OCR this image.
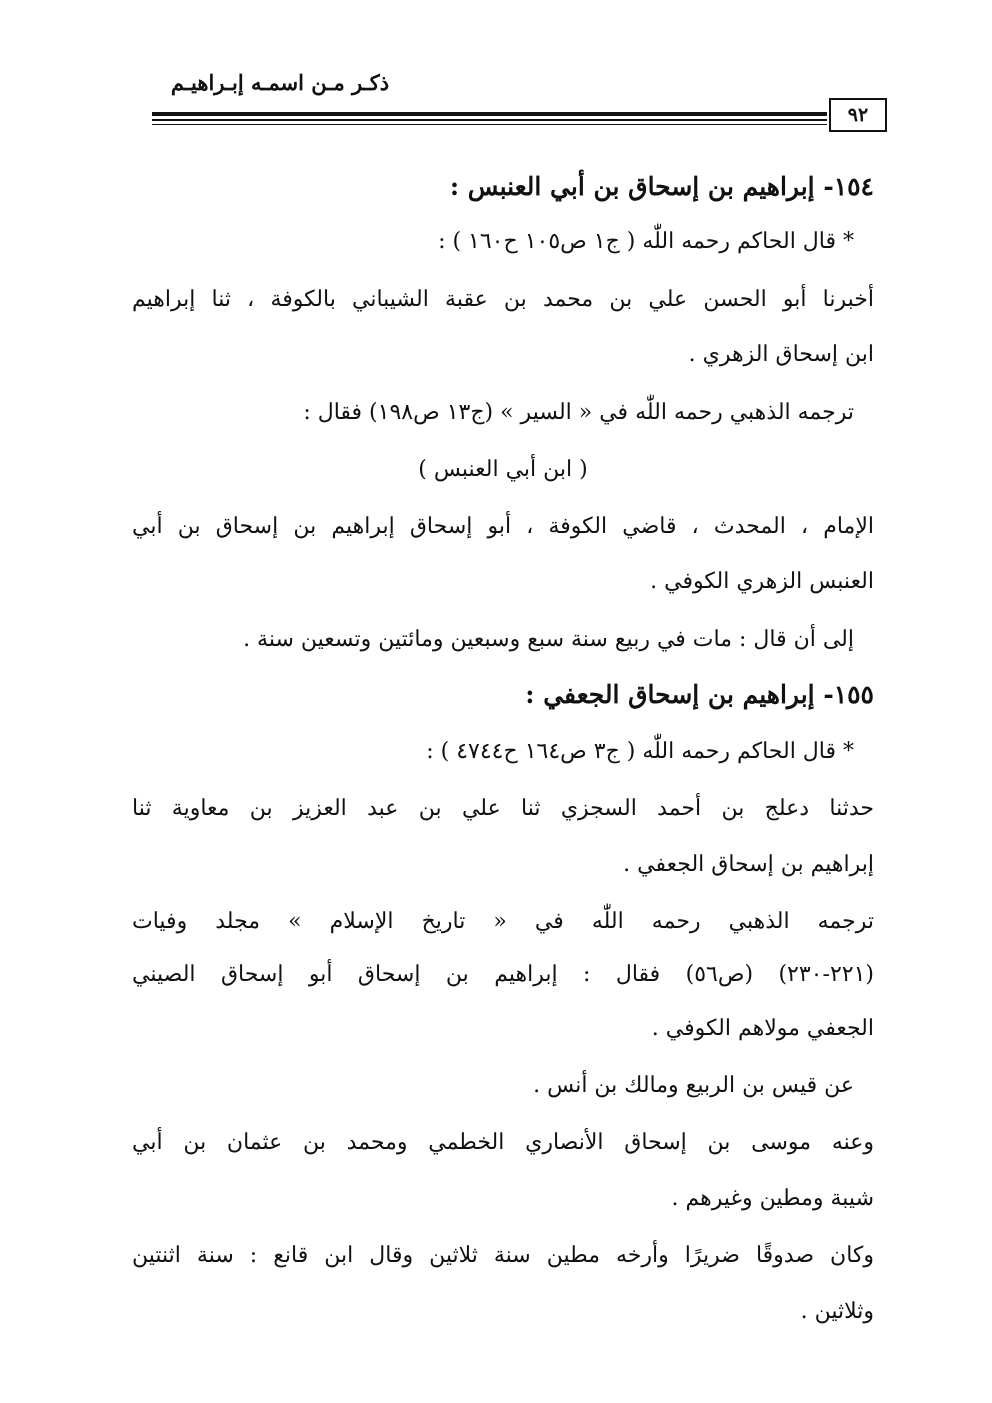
ذكـر مـن اسمـه إبـراهيـم
٩٢
١٥٤- إبراهيم بن إسحاق بن أبي العنبس :
* قال الحاكم رحمه اللّٰه ( ج١ ص١٠٥ ح١٦٠ ) :
أخبرنا أبو الحسن علي بن محمد بن عقبة الشيباني بالكوفة ، ثنا إبراهيم
ابن إسحاق الزهري .
ترجمه الذهبي رحمه اللّٰه في « السير » (ج١٣ ص١٩٨) فقال :
( ابن أبي العنبس )
الإمام ، المحدث ، قاضي الكوفة ، أبو إسحاق إبراهيم بن إسحاق بن أبي
العنبس الزهري الكوفي .
إلى أن قال : مات في ربيع سنة سبع وسبعين ومائتين وتسعين سنة .
١٥٥- إبراهيم بن إسحاق الجعفي :
* قال الحاكم رحمه اللّٰه ( ج٣ ص١٦٤ ح٤٧٤٤ ) :
حدثنا دعلج بن أحمد السجزي ثنا علي بن عبد العزيز بن معاوية ثنا
إبراهيم بن إسحاق الجعفي .
ترجمه الذهبي رحمه اللّٰه في « تاريخ الإسلام » مجلد وفيات
(٢٢١-٢٣٠) (ص٥٦) فقال : إبراهيم بن إسحاق أبو إسحاق الصيني
الجعفي مولاهم الكوفي .
عن قيس بن الربيع ومالك بن أنس .
وعنه موسى بن إسحاق الأنصاري الخطمي ومحمد بن عثمان بن أبي
شيبة ومطين وغيرهم .
وكان صدوقًا ضريرًا وأرخه مطين سنة ثلاثين وقال ابن قانع : سنة اثنتين
وثلاثين .
